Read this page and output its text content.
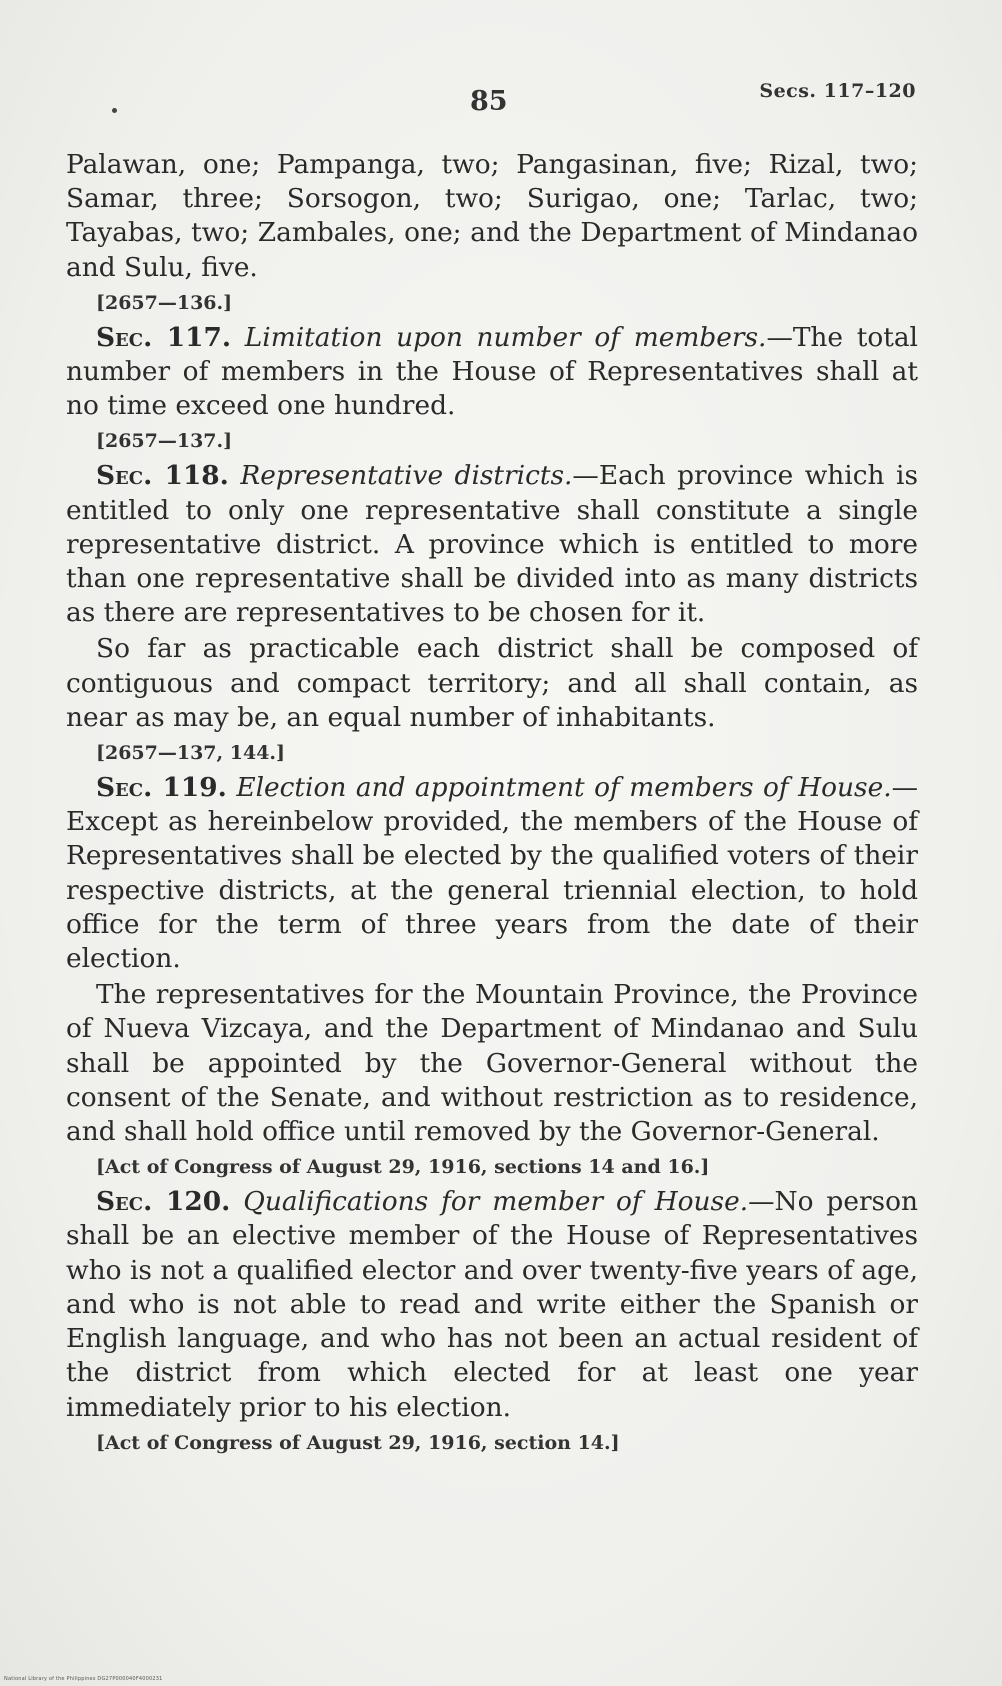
85	Secs. 117–120

Palawan, one; Pampanga, two; Pangasinan, five; Rizal, two; Samar, three; Sorsogon, two; Surigao, one; Tarlac, two; Tayabas, two; Zambales, one; and the Department of Mindanao and Sulu, five.

[2657—136.]

Sec. 117. Limitation upon number of members.—The total number of members in the House of Representatives shall at no time exceed one hundred.

[2657—137.]

Sec. 118. Representative districts.—Each province which is entitled to only one representative shall constitute a single representative district. A province which is entitled to more than one representative shall be divided into as many districts as there are representatives to be chosen for it.

So far as practicable each district shall be composed of contiguous and compact territory; and all shall contain, as near as may be, an equal number of inhabitants.

[2657—137, 144.]

Sec. 119. Election and appointment of members of House.—Except as hereinbelow provided, the members of the House of Representatives shall be elected by the qualified voters of their respective districts, at the general triennial election, to hold office for the term of three years from the date of their election.

The representatives for the Mountain Province, the Province of Nueva Vizcaya, and the Department of Mindanao and Sulu shall be appointed by the Governor-General without the consent of the Senate, and without restriction as to residence, and shall hold office until removed by the Governor-General.

[Act of Congress of August 29, 1916, sections 14 and 16.]

Sec. 120. Qualifications for member of House.—No person shall be an elective member of the House of Representatives who is not a qualified elector and over twenty-five years of age, and who is not able to read and write either the Spanish or English language, and who has not been an actual resident of the district from which elected for at least one year immediately prior to his election.

[Act of Congress of August 29, 1916, section 14.]

National Library of the Philippines DG27P000040F4000231
